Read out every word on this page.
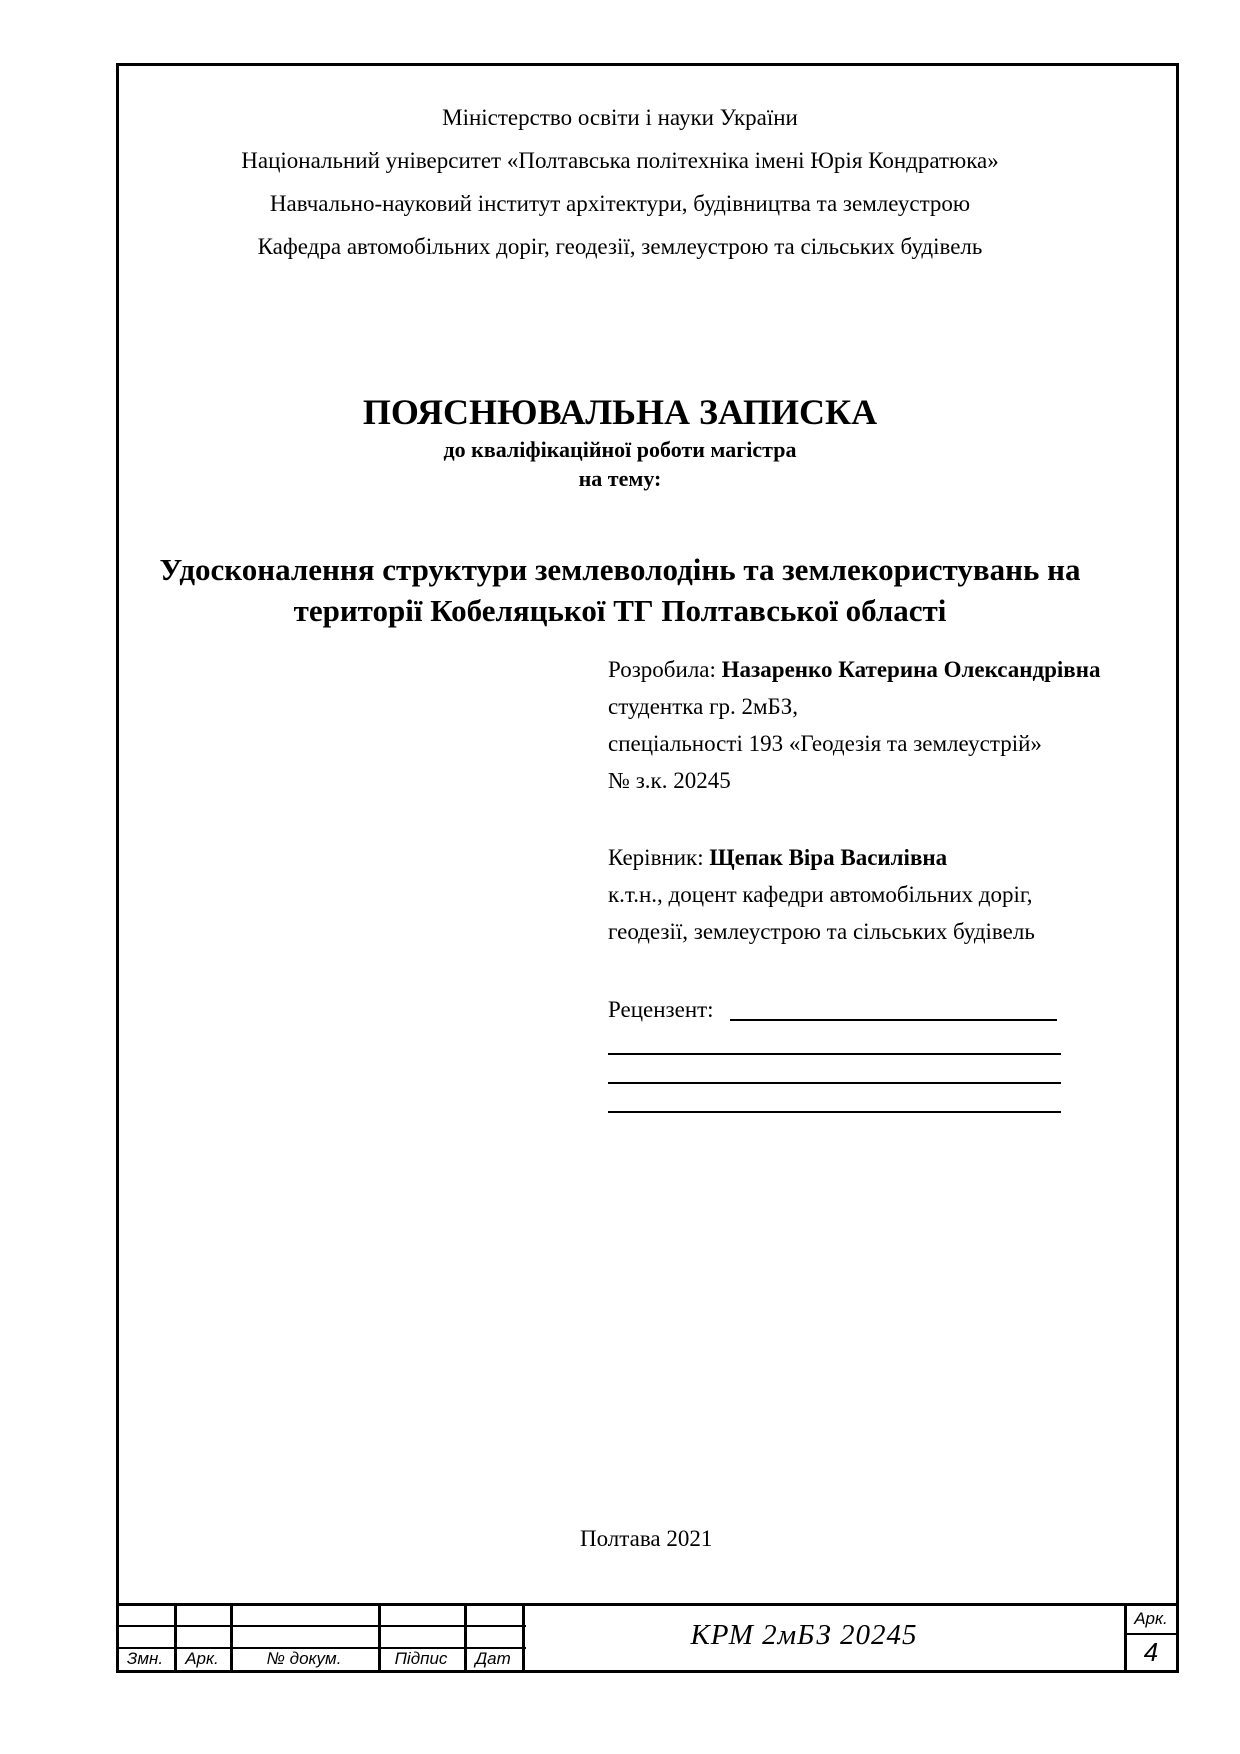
Міністерство освіти і науки України
Національний університет «Полтавська політехніка імені Юрія Кондратюка»
Навчально-науковий інститут архітектури, будівництва та землеустрою
Кафедра автомобільних доріг, геодезії, землеустрою та сільських будівель
ПОЯСНЮВАЛЬНА ЗАПИСКА
до кваліфікаційної роботи магістра
на тему:
Удосконалення структури землеволодінь та землекористувань на
території Кобеляцької ТГ Полтавської області
Розробила: Назаренко Катерина Олександрівна
студентка гр. 2мБЗ,
спеціальності 193 «Геодезія та землеустрій»
№ з.к. 20245
Керівник: Щепак Віра Василівна
к.т.н., доцент кафедри автомобільних доріг,
геодезії, землеустрою та сільських будівель
Рецензент:
Полтава 2021
Змн.	Арк.	№ докум.	Підпис	Дат
КРМ 2мБЗ 20245
Арк.
4
